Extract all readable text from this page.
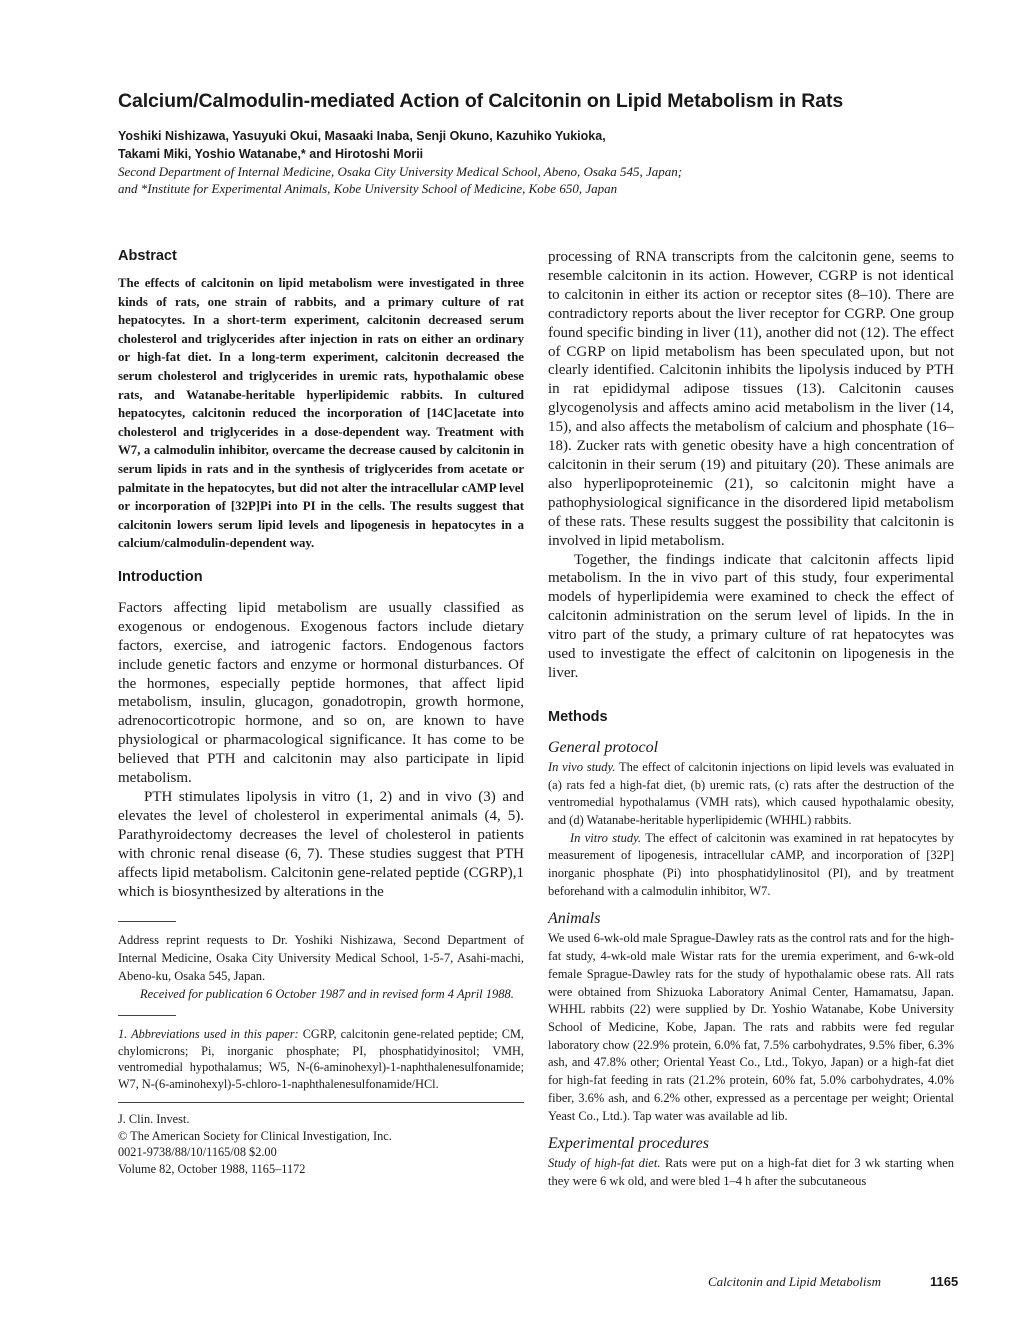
Calcium/Calmodulin-mediated Action of Calcitonin on Lipid Metabolism in Rats
Yoshiki Nishizawa, Yasuyuki Okui, Masaaki Inaba, Senji Okuno, Kazuhiko Yukioka,
Takami Miki, Yoshio Watanabe,* and Hirotoshi Morii
Second Department of Internal Medicine, Osaka City University Medical School, Abeno, Osaka 545, Japan;
and *Institute for Experimental Animals, Kobe University School of Medicine, Kobe 650, Japan
Abstract

The effects of calcitonin on lipid metabolism were investigated in three kinds of rats, one strain of rabbits, and a primary culture of rat hepatocytes. In a short-term experiment, calcitonin decreased serum cholesterol and triglycerides after injection in rats on either an ordinary or high-fat diet. In a long-term experiment, calcitonin decreased the serum cholesterol and triglycerides in uremic rats, hypothalamic obese rats, and Watanabe-heritable hyperlipidemic rabbits. In cultured hepatocytes, calcitonin reduced the incorporation of [14C]acetate into cholesterol and triglycerides in a dose-dependent way. Treatment with W7, a calmodulin inhibitor, overcame the decrease caused by calcitonin in serum lipids in rats and in the synthesis of triglycerides from acetate or palmitate in the hepatocytes, but did not alter the intracellular cAMP level or incorporation of [32P]Pi into PI in the cells. The results suggest that calcitonin lowers serum lipid levels and lipogenesis in hepatocytes in a calcium/calmodulin-dependent way.

Introduction

Factors affecting lipid metabolism are usually classified as exogenous or endogenous. Exogenous factors include dietary factors, exercise, and iatrogenic factors. Endogenous factors include genetic factors and enzyme or hormonal disturbances. Of the hormones, especially peptide hormones, that affect lipid metabolism, insulin, glucagon, gonadotropin, growth hormone, adrenocorticotropic hormone, and so on, are known to have physiological or pharmacological significance. It has come to be believed that PTH and calcitonin may also participate in lipid metabolism.

PTH stimulates lipolysis in vitro (1, 2) and in vivo (3) and elevates the level of cholesterol in experimental animals (4, 5). Parathyroidectomy decreases the level of cholesterol in patients with chronic renal disease (6, 7). These studies suggest that PTH affects lipid metabolism. Calcitonin gene-related peptide (CGRP),1 which is biosynthesized by alterations in the

Address reprint requests to Dr. Yoshiki Nishizawa, Second Department of Internal Medicine, Osaka City University Medical School, 1-5-7, Asahi-machi, Abeno-ku, Osaka 545, Japan.

Received for publication 6 October 1987 and in revised form 4 April 1988.

1. Abbreviations used in this paper: CGRP, calcitonin gene-related peptide; CM, chylomicrons; Pi, inorganic phosphate; PI, phosphatidyinositol; VMH, ventromedial hypothalamus; W5, N-(6-aminohexyl)-1-naphthalenesulfonamide; W7, N-(6-aminohexyl)-5-chloro-1-naphthalenesulfonamide/HCl.

J. Clin. Invest.

© The American Society for Clinical Investigation, Inc.

0021-9738/88/10/1165/08 $2.00

Volume 82, October 1988, 1165–1172

processing of RNA transcripts from the calcitonin gene, seems to resemble calcitonin in its action. However, CGRP is not identical to calcitonin in either its action or receptor sites (8–10). There are contradictory reports about the liver receptor for CGRP. One group found specific binding in liver (11), another did not (12). The effect of CGRP on lipid metabolism has been speculated upon, but not clearly identified. Calcitonin inhibits the lipolysis induced by PTH in rat epididymal adipose tissues (13). Calcitonin causes glycogenolysis and affects amino acid metabolism in the liver (14, 15), and also affects the metabolism of calcium and phosphate (16–18). Zucker rats with genetic obesity have a high concentration of calcitonin in their serum (19) and pituitary (20). These animals are also hyperlipoproteinemic (21), so calcitonin might have a pathophysiological significance in the disordered lipid metabolism of these rats. These results suggest the possibility that calcitonin is involved in lipid metabolism.

Together, the findings indicate that calcitonin affects lipid metabolism. In the in vivo part of this study, four experimental models of hyperlipidemia were examined to check the effect of calcitonin administration on the serum level of lipids. In the in vitro part of the study, a primary culture of rat hepatocytes was used to investigate the effect of calcitonin on lipogenesis in the liver.

Methods
General protocol

In vivo study. The effect of calcitonin injections on lipid levels was evaluated in (a) rats fed a high-fat diet, (b) uremic rats, (c) rats after the destruction of the ventromedial hypothalamus (VMH rats), which caused hypothalamic obesity, and (d) Watanabe-heritable hyperlipidemic (WHHL) rabbits.

In vitro study. The effect of calcitonin was examined in rat hepatocytes by measurement of lipogenesis, intracellular cAMP, and incorporation of [32P] inorganic phosphate (Pi) into phosphatidylinositol (PI), and by treatment beforehand with a calmodulin inhibitor, W7.

Animals

We used 6-wk-old male Sprague-Dawley rats as the control rats and for the high-fat study, 4-wk-old male Wistar rats for the uremia experiment, and 6-wk-old female Sprague-Dawley rats for the study of hypothalamic obese rats. All rats were obtained from Shizuoka Laboratory Animal Center, Hamamatsu, Japan. WHHL rabbits (22) were supplied by Dr. Yoshio Watanabe, Kobe University School of Medicine, Kobe, Japan. The rats and rabbits were fed regular laboratory chow (22.9% protein, 6.0% fat, 7.5% carbohydrates, 9.5% fiber, 6.3% ash, and 47.8% other; Oriental Yeast Co., Ltd., Tokyo, Japan) or a high-fat diet for high-fat feeding in rats (21.2% protein, 60% fat, 5.0% carbohydrates, 4.0% fiber, 3.6% ash, and 6.2% other, expressed as a percentage per weight; Oriental Yeast Co., Ltd.). Tap water was available ad lib.

Experimental procedures

Study of high-fat diet. Rats were put on a high-fat diet for 3 wk starting when they were 6 wk old, and were bled 1–4 h after the subcutaneous

Calcitonin and Lipid Metabolism	1165
